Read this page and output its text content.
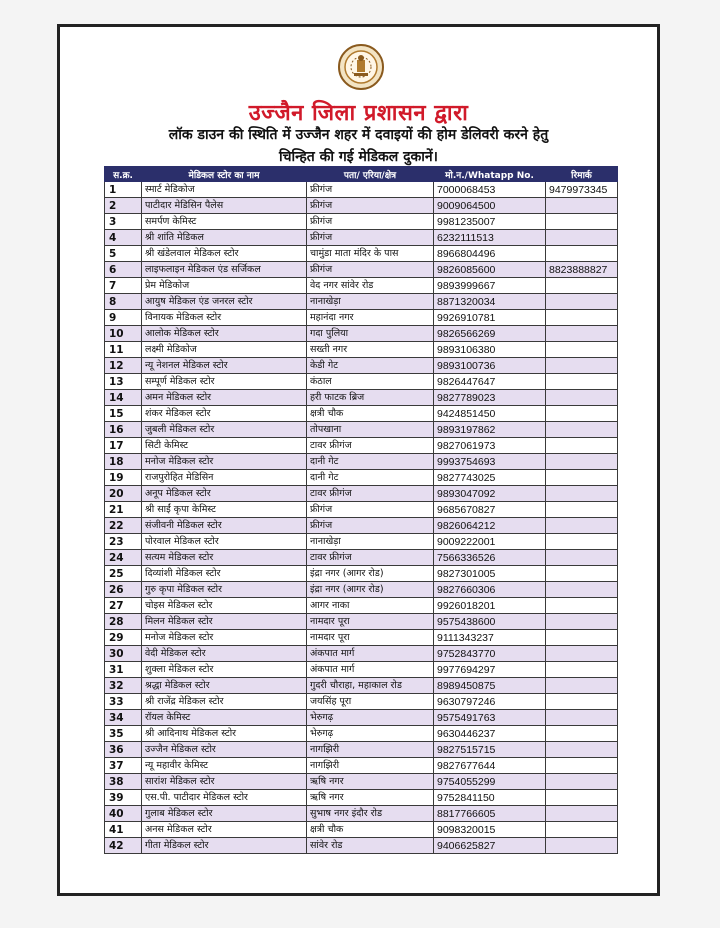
उज्जैन जिला प्रशासन द्वारा
लॉक डाउन की स्थिति में उज्जैन शहर में दवाइयों की होम डेलिवरी करने हेतु
चिन्हित की गई मेडिकल दुकानें।
स.क्र.	मेडिकल स्टोर का नाम	पता/ एरिया/क्षेत्र	मो.न./Whatapp No.	रिमार्क
1	स्मार्ट मेडिकोज	फ्रीगंज	7000068453	9479973345
2	पाटीदार मेडिसिन पैलेस	फ्रीगंज	9009064500	
3	समर्पण केमिस्ट	फ्रीगंज	9981235007	
4	श्री शांति मेडिकल	फ्रीगंज	6232111513	
5	श्री खंडेलवाल मेडिकल स्टोर	चामुंडा माता मंदिर के पास	8966804496	
6	लाइफलाइन मेडिकल एंड सर्जिकल	फ्रीगंज	9826085600	8823888827
7	प्रेम मेडिकोज	वेद नगर सांवेर रोड	9893999667	
8	आयुष मेडिकल एंड जनरल स्टोर	नानाखेड़ा	8871320034	
9	विनायक मेडिकल स्टोर	महानंदा नगर	9926910781	
10	आलोक मेडिकल स्टोर	गदा पुलिया	9826566269	
11	लक्ष्मी मेडिकोज	सख्ती नगर	9893106380	
12	न्यू नेशनल मेडिकल स्टोर	केडी गेट	9893100736	
13	सम्पूर्ण मेडिकल स्टोर	कंठाल	9826447647	
14	अमन मेडिकल स्टोर	हरी फाटक ब्रिज	9827789023	
15	शंकर मेडिकल स्टोर	क्षत्री चौक	9424851450	
16	जुबली मेडिकल स्टोर	तोपखाना	9893197862	
17	सिटी केमिस्ट	टावर फ्रीगंज	9827061973	
18	मनोज मेडिकल स्टोर	दानी गेट	9993754693	
19	राजपुरोहित मेडिसिन	दानी गेट	9827743025	
20	अनूप मेडिकल स्टोर	टावर फ्रीगंज	9893047092	
21	श्री साईं कृपा केमिस्ट	फ्रीगंज	9685670827	
22	संजीवनी मेडिकल स्टोर	फ्रीगंज	9826064212	
23	पोरवाल मेडिकल स्टोर	नानाखेड़ा	9009222001	
24	सत्यम मेडिकल स्टोर	टावर फ्रीगंज	7566336526	
25	दिव्यांशी मेडिकल स्टोर	इंद्रा नगर (आगर रोड)	9827301005	
26	गुरु कृपा मेडिकल स्टोर	इंद्रा नगर (आगर रोड)	9827660306	
27	चोइस मेडिकल स्टोर	आगर नाका	9926018201	
28	मिलन मेडिकल स्टोर	नामदार पूरा	9575438600	
29	मनोज मेडिकल स्टोर	नामदार पूरा	9111343237	
30	वेदी मेडिकल स्टोर	अंकपात मार्ग	9752843770	
31	शुक्ला मेडिकल स्टोर	अंकपात मार्ग	9977694297	
32	श्रद्धा मेडिकल स्टोर	गुदरी चौराहा, महाकाल रोड	8989450875	
33	श्री राजेंद्र मेडिकल स्टोर	जयसिंह पूरा	9630797246	
34	रॉयल केमिस्ट	भेरुगढ़	9575491763	
35	श्री आदिनाथ मेडिकल स्टोर	भेरुगढ़	9630446237	
36	उज्जैन मेडिकल स्टोर	नागझिरी	9827515715	
37	न्यू महावीर केमिस्ट	नागझिरी	9827677644	
38	सारांश मेडिकल स्टोर	ऋषि नगर	9754055299	
39	एस.पी. पाटीदार मेडिकल स्टोर	ऋषि नगर	9752841150	
40	गुलाब मेडिकल स्टोर	सुभाष नगर इंदौर रोड	8817766605	
41	अनस मेडिकल स्टोर	क्षत्री चौक	9098320015	
42	गीता मेडिकल स्टोर	सांवेर रोड	9406625827	
